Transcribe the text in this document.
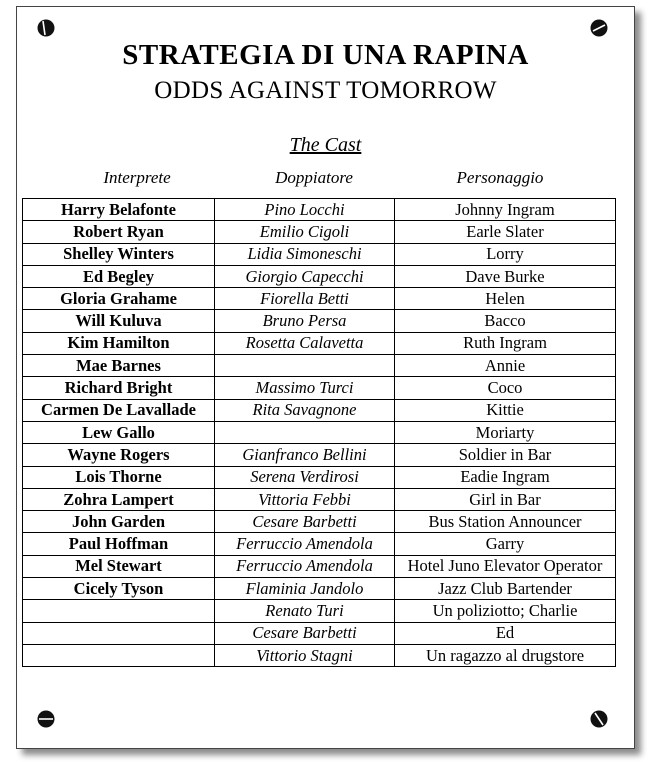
STRATEGIA DI UNA RAPINA
ODDS AGAINST TOMORROW
The Cast
Interprete	Doppiatore	Personaggio
Harry Belafonte	Pino Locchi	Johnny Ingram
Robert Ryan	Emilio Cigoli	Earle Slater
Shelley Winters	Lidia Simoneschi	Lorry
Ed Begley	Giorgio Capecchi	Dave Burke
Gloria Grahame	Fiorella Betti	Helen
Will Kuluva	Bruno Persa	Bacco
Kim Hamilton	Rosetta Calavetta	Ruth Ingram
Mae Barnes		Annie
Richard Bright	Massimo Turci	Coco
Carmen De Lavallade	Rita Savagnone	Kittie
Lew Gallo		Moriarty
Wayne Rogers	Gianfranco Bellini	Soldier in Bar
Lois Thorne	Serena Verdirosi	Eadie Ingram
Zohra Lampert	Vittoria Febbi	Girl in Bar
John Garden	Cesare Barbetti	Bus Station Announcer
Paul Hoffman	Ferruccio Amendola	Garry
Mel Stewart	Ferruccio Amendola	Hotel Juno Elevator Operator
Cicely Tyson	Flaminia Jandolo	Jazz Club Bartender
	Renato Turi	Un poliziotto; Charlie
	Cesare Barbetti	Ed
	Vittorio Stagni	Un ragazzo al drugstore
